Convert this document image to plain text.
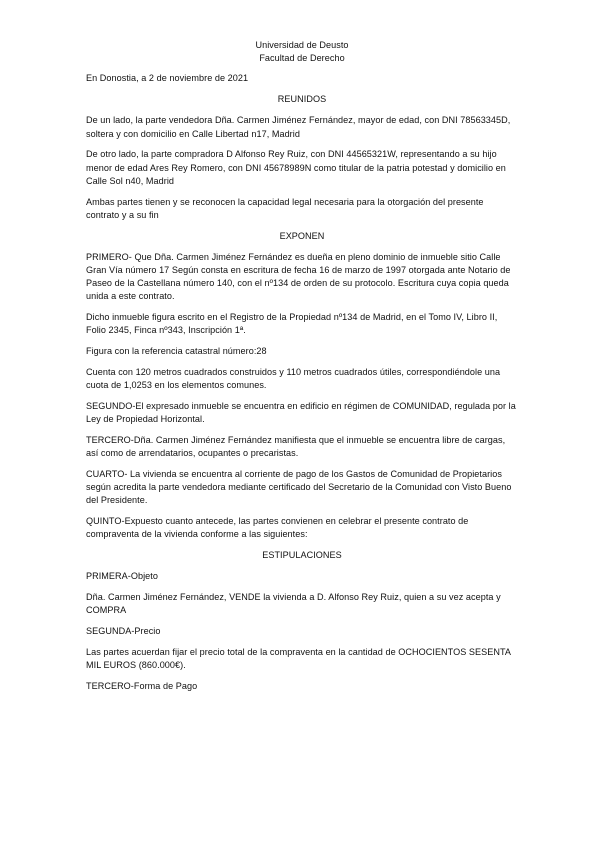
Universidad de Deusto

Facultad de Derecho

En Donostia, a 2 de noviembre de 2021

REUNIDOS

De un lado, la parte vendedora Dña. Carmen Jiménez Fernández, mayor de edad, con DNI 78563345D, soltera y con domicilio en Calle Libertad n17, Madrid

De otro lado, la parte compradora D Alfonso Rey Ruiz, con DNI 44565321W, representando a su hijo menor de edad Ares Rey Romero, con DNI 45678989N como titular de la patria potestad y domicilio en Calle Sol n40, Madrid

Ambas partes tienen y se reconocen la capacidad legal necesaria para la otorgación del presente contrato y a su fin

EXPONEN

PRIMERO- Que Dña. Carmen Jiménez Fernández es dueña en pleno dominio de inmueble sitio Calle Gran Vía número 17 Según consta en escritura de fecha 16 de marzo de 1997 otorgada ante Notario de Paseo de la Castellana número 140, con el nº134 de orden de su protocolo. Escritura cuya copia queda unida a este contrato.

Dicho inmueble figura escrito en el Registro de la Propiedad nº134 de Madrid, en el Tomo IV, Libro II, Folio 2345, Finca nº343, Inscripción 1ª.

Figura con la referencia catastral número:28

Cuenta con 120 metros cuadrados construidos y 110 metros cuadrados útiles, correspondiéndole una cuota de 1,0253 en los elementos comunes.

SEGUNDO-El expresado inmueble se encuentra en edificio en régimen de COMUNIDAD, regulada por la Ley de Propiedad Horizontal.

TERCERO-Dña. Carmen Jiménez Fernández manifiesta que el inmueble se encuentra libre de cargas, así como de arrendatarios, ocupantes o precaristas.

CUARTO- La vivienda se encuentra al corriente de pago de los Gastos de Comunidad de Propietarios según acredita la parte vendedora mediante certificado del Secretario de la Comunidad con Visto Bueno del Presidente.

QUINTO-Expuesto cuanto antecede, las partes convienen en celebrar el presente contrato de compraventa de la vivienda conforme a las siguientes:

ESTIPULACIONES

PRIMERA-Objeto

Dña. Carmen Jiménez Fernández, VENDE la vivienda a D. Alfonso Rey Ruiz, quien a su vez acepta y COMPRA

SEGUNDA-Precio

Las partes acuerdan fijar el precio total de la compraventa en la cantidad de OCHOCIENTOS SESENTA MIL EUROS (860.000€).

TERCERO-Forma de Pago
